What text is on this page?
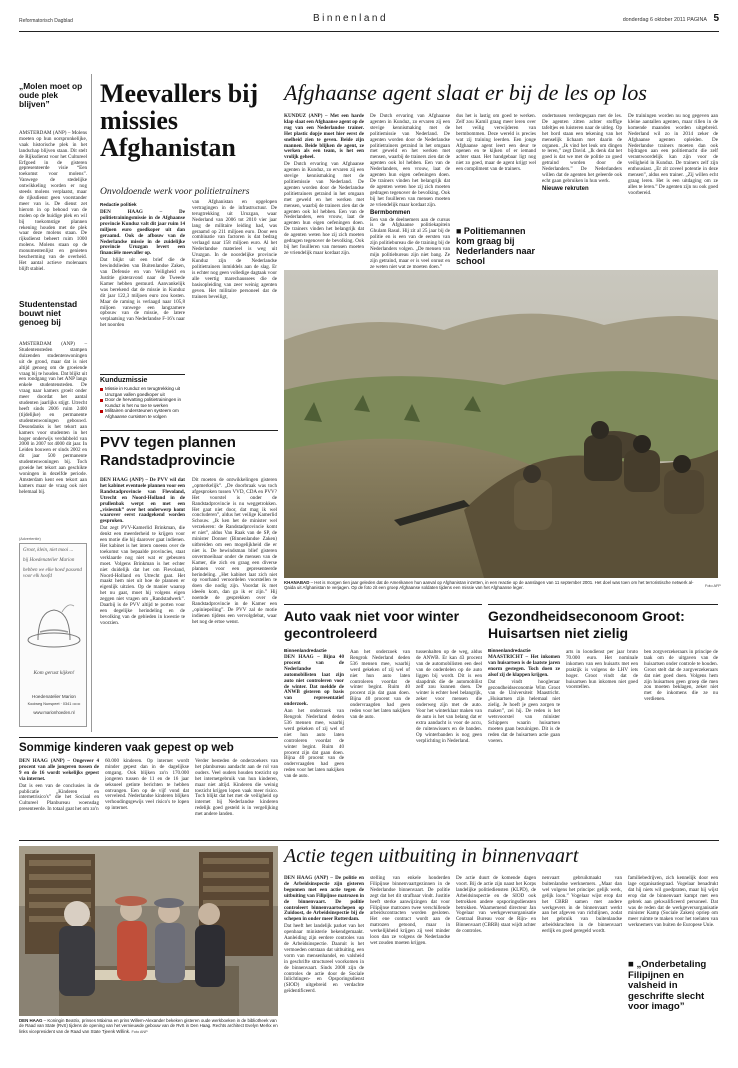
Reformatorisch Dagblad	Binnenland	donderdag 6 oktober 2011 PAGINA 5
„Molen moet op oude plek blijven”
AMSTERDAM (ANP) – Molens moeten op hun oorspronkelijke, vaak historische plek in het landschap blijven staan. Dit stelt de Rijksdienst voor het Cultureel Erfgoed in de gisteren gepresenteerde visie “Een toekomst voor molens”. Vanwege de stedelijke ontwikkeling worden er nog steeds molens verplaatst, maar de rijksdienst geen voorstander meer van is. De dienst zet hierom in op behoud van de molen op de huidige plek en wil bij toekomstige plannen rekening houden met de plek waar deze molens staan. De rijksdienst beheert ruim 1000 molens. Molens staan op de monumentenlijst en genieten bescherming van de overheid. Het aantal actieve molenaars blijft stabiel.
Studentenstad bouwt niet genoeg bij
AMSTERDAM (ANP) – Studentensteden stampen duizenden studentenwoningen uit de grond, maar dat is niet altijd genoeg om de groeiende vraag bij te houden. Dat blijkt uit een rondgang van het ANP langs enkele studentensteden. De vraag naar kamers groeit onder meer doordat het aantal studenten jaarlijks stijgt. Utrecht heeft sinds 2006 ruim 2400 (tijdelijke) en permanente studentenwoningen gebouwd. Desondanks is het tekort aan kamers voor studenten in het hoger onderwijs verdubbeld van 2000 in 2007 tot 4000 dit jaar. In Leiden bouwen er sinds 2002 en dit jaar 500 permanente studentenwoningen bij. Toch groeide het tekort aan geschikte woningen in dezelfde periode. Amsterdam kent een tekort aan kamers maar de vraag ook niet helemaal bij.
(Advertentie)
Groot, klein, niet mooi ...
bij Hoedenatelier Marion
hebben we elke hoed passend voor elk hoofd
Kom gerust kijken!
Hoedenatelier Marion
Kooiweg Nunspeet · 0341 ••••••
www.marionhoeden.nl
Meevallers bij missies Afghanistan
Onvoldoende werk voor politietrainers
Redactie politiek

DEN HAAG – De politietrainingsmissie in de Afghaanse provincie Kunduz valt dit jaar ruim 14 miljoen euro goedkoper uit dan geraamd. Ook de afbouw van de Nederlandse missie in de zuidelijke provincie Uruzgan levert een financiële meevaller op.

Dat blijkt uit een brief die de bewindslieden van Buitenlandse Zaken, van Defensie en van Veiligheid en Justitie gisteravond naar de Tweede Kamer hebben gestuurd. Aanvankelijk was berekend dat de missie in Kunduz dit jaar 122,3 miljoen euro zou kosten. Maar de raming is verlaagd naar 105,8 miljoen vanwege een langzamere opbouw van de missie, de latere verplaatsing van Nederlandse F-16's naar het noorden

van Afghanistan en opgelopen vertragingen in de infrastructuur. De terugtrekking uit Uruzgan, waar Nederland van 2006 tot 2010 vier jaar lang de militaire leiding had, was geraamd op 211 miljoen euro. Door een combinatie van factoren is dat bedrag verlaagd naar 158 miljoen euro. Al het Nederlandse materieel is weg uit Uruzgan. In de noordelijke provincie Kunduz zijn de Nederlandse politietrainers inmiddels aan de slag. Er is echter nog geen volledige dagtaak voor alle veertig marechaussees die de basisopleiding van zeer weinig agenten geven. Het militaire personeel dat de trainers beveiligt,
Kunduzmissie
Missie in Kunduz en terugtrekking uit Uruzgan vallen goedkoper uit
Door de hervatting politietrainingen in Kunduz is het nu toe te werken
Militairen ondersteunen systeem om Afghaanse cursisten te volgen
Afghaanse agent slaat er bij de les op los

KUNDUZ (ANP) – Met een harde klap slaat een Afghaanse agent op de rug van een Nederlandse trainer. Het plastic dopje moet hier eerst de snelheid zien te geven. Beide zijn mannen. Beide blijken de agent, ze werken als een team, is het een vrolijk geheel.

De Dutch ervaring van Afghaanse agenten in Kunduz, zo ervaren zij een stevige kennismaking met de politiemissie van Nederland. De agenten worden door de Nederlandse politietrainers getraind in het omgaan met geweld en het werken met mensen, waarbij de trainers zien dat de agenten ook lol hebben. Een van de Nederlanders, een vrouw, laat de agenten hun eigen oefeningen doen. De trainers vinden het belangrijk dat de agenten weten hoe zij zich moeten gedragen tegenover de bevolking. Ook bij het fouilleren van mensen moeten ze vriendelijk maar kordaat zijn.

De Dutch ervaring van Afghaanse agenten in Kunduz, zo ervaren zij een stevige kennismaking met de politiemissie van Nederland. De agenten worden door de Nederlandse politietrainers getraind in het omgaan met geweld en het werken met mensen, waarbij de trainers zien dat de agenten ook lol hebben. Een van de Nederlanders, een vrouw, laat de agenten hun eigen oefeningen doen. De trainers vinden het belangrijk dat de agenten weten hoe zij zich moeten gedragen tegenover de bevolking. Ook bij het fouilleren van mensen moeten ze vriendelijk maar kordaat zijn.

Bermbommen

Een van de deelnemers aan de cursus is de Afghaanse politiekapitein Ghulam Rasul. Hij zit al 25 jaar bij de politie en is een van de eersten van zijn politiebureau die de training bij de Nederlanders volgen. „De mensen van mijn politiebureau zijn niet bang. Ze zijn getraind, maar er is veel onrust en ze weten niet wat ze moeten doen.”

dus het is lastig om goed te werken. Zelf zou Kamil graag meer leren over het veilig verwijderen van bermbommen. Deze wereld is precies wat zij training leerden. Een jonge Afghaanse agent leert een deur te openen en te kijken of er iemand achter staat. Het handgebaar ligt nog niet zo goed, maar de agent krijgt wel een compliment van de trainers.

■ Politiemannen kom graag bij Nederlanders naar school

ondertussen verdergegaan met de les. De agenten zitten achter stoffige tafeltjes en luisteren naar de uitleg. Op het bord staan een tekening van het menselijk lichaam met daarin de organen. „Ik vind het leuk om dingen te leren,” zegt David. „Ik denk dat het goed is dat we met de politie zo goed getraind worden door de Nederlanders.” De Nederlanders willen dat de agenten het geleerde ook echt gaan gebruiken in hun werk.

Nieuwe rekruten

De trainingen worden nu nog gegeven aan kleine aantallen agenten, maar rillen in de komende maanden worden uitgebreid. Nederland wil zo in 2014 zeker de Afghaanse agenten opleiden. De Nederlandse trainers moeten dan ook bijdragen aan een politiemacht die zelf verantwoordelijk kan zijn voor de veiligheid in Kunduz. De trainers zelf zijn enthousiast. „Er zit zoveel potentie in deze mensen”, aldus een trainer. „Zij willen echt graag leren. Het is een uitdaging om ze alles te leren.” De agenten zijn nu ook goed voorbereid.

KHANABAD – Het is morgen tien jaar geleden dat de Amerikanen hun aanval op Afghanistan inzetten, in een reactie op de aanslagen van 11 september 2001. Het doel was toen om het terroristische netwerk al-Qaida uit Afghanistan te verjagen. Op de foto zit een groep Afghaanse soldaten tijdens een missie van het Afghaanse leger.	Foto AFP
PVV tegen plannen Randstadprovincie

DEN HAAG (ANP) – De PVV wil dat het kabinet eventuele plannen voor een Randstadprovincie van Flevoland, Utrecht en Noord-Holland in de prullenbak werpt en met een „visiestuk” over het onderwerp komt waarover eerst raadgekend worden gesproken.

Dat zegt PVV-Kamerlid Brinkman, die denkt een meerderheid te krijgen voor een motie die hij daarover gaat indienen. Het kabinet is het intern oneens over de toekomst van bepaalde provincies, staat verklaarde nog niet wat er gebeuren moet. Volgens Brinkman is het echter niet duidelijk dat het om Flevoland, Noord-Holland en Utrecht gaat. Het maakt hem niet uit hoe de plannen er eigenlijk uitzien. Op de manier waarop het nu gaat, moet hij volgens eigen zeggen niet vragen om „Randstadwerk”. Daarbij is de PVV altijd te porten voor een degelijke herindeling en de bevolking van de gebieden in kwestie te voorzien.

Dit moeten de ontwikkelingen gisteren „opmerkelijk”. „De doorbraak was toch afgesproken tussen VVD, CDA en PVV? Het voorstel is onder de Randstadprovincie is nu weggetrokken. Het gaat niet door, dat mag ik wel concluderen”, aldus het veilige Kamerlid Schouw. „Ik ken het de minister wel verzekeren: de Randstadprovincie komt er niet”, aldus Van Raak van de SP, de minister Donner (Binnenlandse Zaken) uitbreiden om een mogelijkheid die er niet is. De bewindsman blief gisteren onvermoeibaar onder de mensen van de Kamer, die zich en graag een diverse plannen voor een gepresenteerde herindeling. „Het kabinet laat zich niet op voorhand veroordelen voorstellen te doen die nodig zijn. Voordat ik met ideeën kom, dan ga ik er zijn.” Hij noemde de gesprekken over de Randstadprovincie in de Kamer een „opiniepeiling”. De PVV zal de motie indienen tijdens een vervolgdebat, waar het nog de ertoe wenst.	Auto vaak niet voor winter gecontroleerd
Binnenlandredactie

DEN HAAG – Bijna 40 procent van de Nederlandse automobilisten laat zijn auto niet controleren voor de winter. Dat meldde de ANWB gisteren op basis van representatief onderzoek.

Aan het onderzoek van Rengrok Nederland deden 536 mensen mee, waarbij werd gekeken of zij wel of niet hun auto laten controleren voordat de winter begint. Ruim 40 procent zijn dat gaan doen. Bijna 40 procent van de ondervraagden had geen reden voor het laten nakijken van de auto.

Aan het onderzoek van Rengrok Nederland deden 536 mensen mee, waarbij werd gekeken of zij wel of niet hun auto laten controleren voordat de winter begint. Ruim 40 procent zijn dat gaan doen. Bijna 40 procent van de ondervraagden had geen reden voor het laten nakijken van de auto.
tussenhalten op de weg, aldus de ANWB. Er kan 43 procent van de automobilisten een deel van de onderdelen op de auto liggen bij wordt. Dit is een slaapdruk die de automobilist zelf zou kunnen doen. De winter is echter heel belangrijk, zeker voor mensen die onderweg zijn met de auto. Voor het winterklaar maken van de auto is het van belang dat er extra aandacht is voor de accu, de ruitenwissers en de banden. Op winterbanden is nog geen verplichting in Nederland.
Gezondheidseconoom Groot: Huisartsen niet zielig
Binnenlandredactie

MAASTRICHT – Het inkomen van huisartsen is de laatste jaren enorm gestegen. Toch doen ze alsof zij de klappen krijgen.

Dat vindt hoogleraar gezondheidseconomie Wim Groot van de Universiteit Maastricht. „Huisartsen zijn helemaal niet zielig. Je hoeft je geen zorgen te maken”, zei hij. De reden is het wetsvoorstel van minister Schippers waarin huisartsen moeten gaan bezuinigen. Dit is de reden dat de huisartsen actie gaan voeren.

arts in loondienst per jaar bruto 70.000 euro. Het nominale inkomen van een huisarts met een praktijk is volgens de LHV iets hoger. Groot vindt dat de huisartsen hun inkomen niet goed voorstellen.
ben zorgverzekeraars in principe de taak om de uitgaven van de huisartsen onder controle te houden. Groot stelt dat de zorgverzekeraars dat niet goed doen. Volgens hem zijn huisartsen geen groep die men zou moeten beklagen, zeker niet met de inkomens die ze nu verdienen.
Sommige kinderen vaak gepest op web

DEN HAAG (ANP) – Ongeveer 4 procent van alle jongeren tussen de 9 en de 16 wordt wekelijks gepest via internet.

Dat is een van de conclusies in de publicatie „Kinderen en internetrisico's” die het Sociaal en Cultureel Planbureau woensdag presenteerde. In totaal gaat het om zo'n

60.000 kinderen. Op internet wordt minder gepest dan in de dagelijkse omgang. Ook blijken zo'n 170.000 jongeren tussen de 11 en de 16 jaar seksueel getinte berichten te hebben ontvangen. Een op de vijf vond dat vervelend. Nederlandse kinderen blijken verhoudingsgewijs veel risico's te lopen op internet.
Verder besteden de onderzoekers van het planbureau aandacht aan de rol van ouders. Veel ouders houden toezicht op het internetgebruik van hun kinderen, maar niet altijd. Kinderen die weinig toezicht krijgen lopen vaak meer risico. Toch blijkt dat het met de veiligheid op internet bij Nederlandse kinderen redelijk goed gesteld is in vergelijking met andere landen.
Actie tegen uitbuiting in binnenvaart
DEN HAAG – Koningin Beatrix, prinses Máxima en prins Willem-Alexander bekeken gisteren oude werkboeken in de bibliotheek van de Raad van State (RvS) tijdens de opening van het vernieuwde gebouw van de RvS in Den Haag. Rechts architect Evelyn Merkx en links vicepresident van de Raad van State Tjeenk Willink. Foto ANP

DEN HAAG (ANP) – De politie en de Arbeidsinspectie zijn gisteren begonnen met een actie tegen de uitbuiting van Filipijnse matrozen in de binnenvaart. De politie controleert binnenvaartschepen op Zuidoost, de Arbeidsinspectie bij de schepen in onder meer Rotterdam.

Dat heeft het landelijk parket van het openbaar ministerie bekendgemaakt. Aanleiding zijn eerdere controles van de Arbeidsinspectie. Daaruit is het vermoeden ontstaan dat uitbuiting, een vorm van mensenhandel, en valsheid in geschrifte structureel voorkomen in de binnenvaart. Sinds 2008 zijn de controles de actie door de Sociale Inlichtingen- en Opsporingsdienst (SIOD) uitgebreid en verdachte geïdentificeerd.

stelling van enkele honderden Filipijnse binnenvaartgezinnen in de Nederlandse binnenvaart. De politie zegt dat het dit strafbaar vindt. Justitie heeft sterke aanwijzingen dat voor Filipijnse matrozen twee verschillende arbeidscontracten worden gesloten. Het ene contract wordt aan de matrozen getoond, maar in werkelijkheid krijgen zij veel minder loon dan ze volgens de Nederlandse wet zouden moeten krijgen.
De actie duurt de komende dagen voort. Bij de actie zijn naast het Korps landelijke politiediensten (KLPD), de Arbeidsinspectie en de SIOD ook betrokken andere opsporingsdiensten betrokken. Waarnemend directeur Jan Vogelaar van werkgeversorganisatie Centraal Bureau voor de Rijn- en Binnenvaart (CBRB) staat wijdt achter de controles.
nenvaart gebruikmaakt van buitenlandse werknemers. „Maar dan wel volgens het principe: gelijk werk, gelijk loon.” Vogelaar wijst erop dat het CBRB samen met andere werkgevers in de binnenvaart werkt aan het afgeven van richtlijnen, zodat het gebruik van buitenlandse arbeidskrachten in de binnenvaart eerlijk en goed geregeld wordt.
familiebedrijven, zich kennelijk door een lage organisatiegraad. Vogelaar benadrukt dat hij niets wil goedpraten, maar hij wijst erop dat de binnenvaart kampt met een gebrek aan gekwalificeerd personeel. Dat was de reden dat de werkgeversorganisatie minister Kamp (Sociale Zaken) opriep om meer ruimte te maken voor het toelaten van werknemers van buiten de Europese Unie.
■ „Onderbetaling Filipijnen en valsheid in geschrifte slecht voor imago”
